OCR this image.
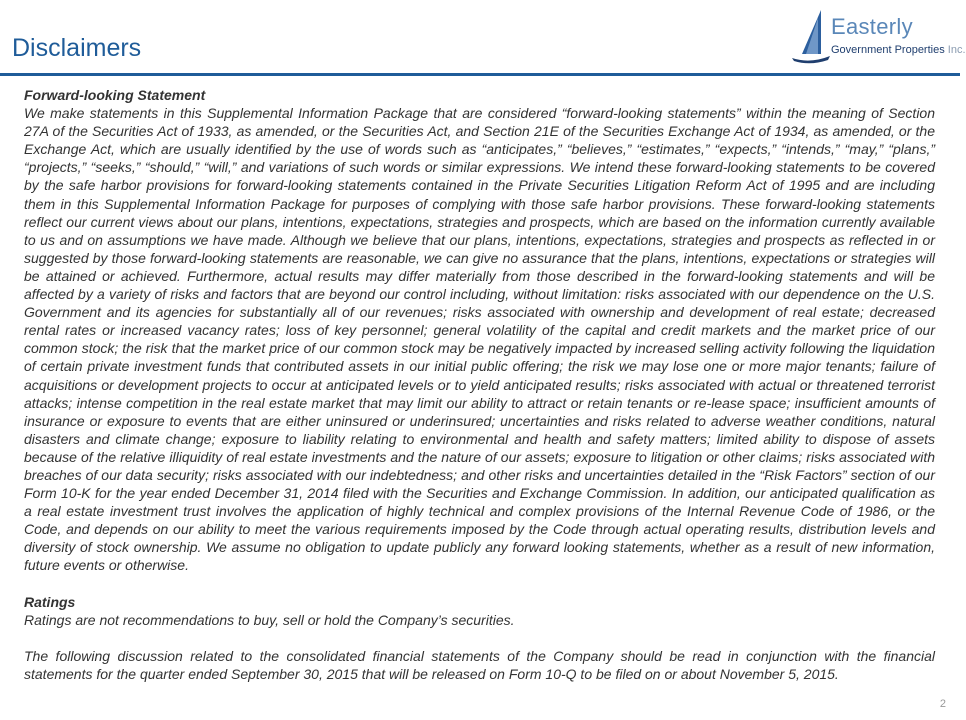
Disclaimers
Easterly
Government Properties Inc.

Forward-looking Statement

We make statements in this Supplemental Information Package that are considered “forward-looking statements” within the meaning of Section 27A of the Securities Act of 1933, as amended, or the Securities Act, and Section 21E of the Securities Exchange Act of 1934, as amended, or the Exchange Act, which are usually identified by the use of words such as “anticipates,” “believes,” “estimates,” “expects,” “intends,” “may,” “plans,” “projects,” “seeks,” “should,” “will,” and variations of such words or similar expressions. We intend these forward-looking statements to be covered by the safe harbor provisions for forward-looking statements contained in the Private Securities Litigation Reform Act of 1995 and are including them in this Supplemental Information Package for purposes of complying with those safe harbor provisions. These forward-looking statements reflect our current views about our plans, intentions, expectations, strategies and prospects, which are based on the information currently available to us and on assumptions we have made. Although we believe that our plans, intentions, expectations, strategies and prospects as reflected in or suggested by those forward-looking statements are reasonable, we can give no assurance that the plans, intentions, expectations or strategies will be attained or achieved. Furthermore, actual results may differ materially from those described in the forward-looking statements and will be affected by a variety of risks and factors that are beyond our control including, without limitation: risks associated with our dependence on the U.S. Government and its agencies for substantially all of our revenues; risks associated with ownership and development of real estate; decreased rental rates or increased vacancy rates; loss of key personnel; general volatility of the capital and credit markets and the market price of our common stock; the risk that the market price of our common stock may be negatively impacted by increased selling activity following the liquidation of certain private investment funds that contributed assets in our initial public offering; the risk we may lose one or more major tenants; failure of acquisitions or development projects to occur at anticipated levels or to yield anticipated results; risks associated with actual or threatened terrorist attacks; intense competition in the real estate market that may limit our ability to attract or retain tenants or re-lease space; insufficient amounts of insurance or exposure to events that are either uninsured or underinsured; uncertainties and risks related to adverse weather conditions, natural disasters and climate change; exposure to liability relating to environmental and health and safety matters; limited ability to dispose of assets because of the relative illiquidity of real estate investments and the nature of our assets; exposure to litigation or other claims; risks associated with breaches of our data security; risks associated with our indebtedness; and other risks and uncertainties detailed in the “Risk Factors” section of our Form 10-K for the year ended December 31, 2014 filed with the Securities and Exchange Commission. In addition, our anticipated qualification as a real estate investment trust involves the application of highly technical and complex provisions of the Internal Revenue Code of 1986, or the Code, and depends on our ability to meet the various requirements imposed by the Code through actual operating results, distribution levels and diversity of stock ownership. We assume no obligation to update publicly any forward looking statements, whether as a result of new information, future events or otherwise.

Ratings

Ratings are not recommendations to buy, sell or hold the Company’s securities.

The following discussion related to the consolidated financial statements of the Company should be read in conjunction with the financial statements for the quarter ended September 30, 2015 that will be released on Form 10-Q to be filed on or about November 5, 2015.

2
